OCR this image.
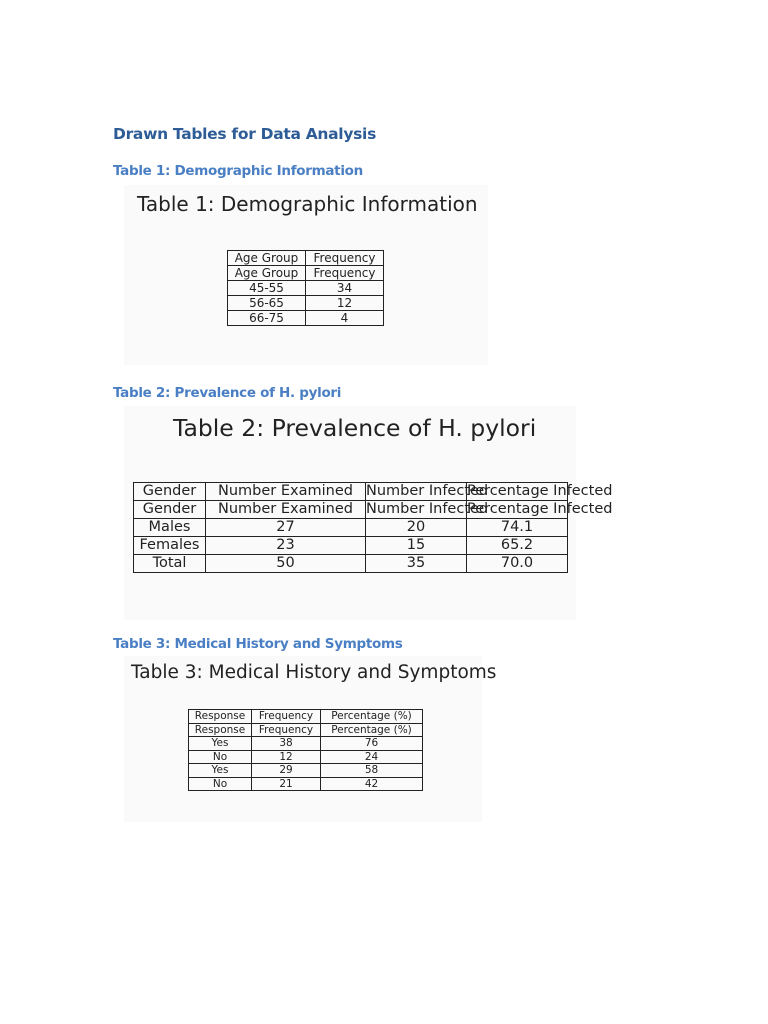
Drawn Tables for Data Analysis
Table 1: Demographic Information
Table 1: Demographic Information
Age Group	Frequency
Age Group	Frequency
45-55	34
56-65	12
66-75	4
Table 2: Prevalence of H. pylori
Table 2: Prevalence of H. pylori
Gender	Number Examined	Number Infected	Percentage Infected
Gender	Number Examined	Number Infected	Percentage Infected
Males	27	20	74.1
Females	23	15	65.2
Total	50	35	70.0
Table 3: Medical History and Symptoms
Table 3: Medical History and Symptoms
Response	Frequency	Percentage (%)
Response	Frequency	Percentage (%)
Yes	38	76
No	12	24
Yes	29	58
No	21	42
